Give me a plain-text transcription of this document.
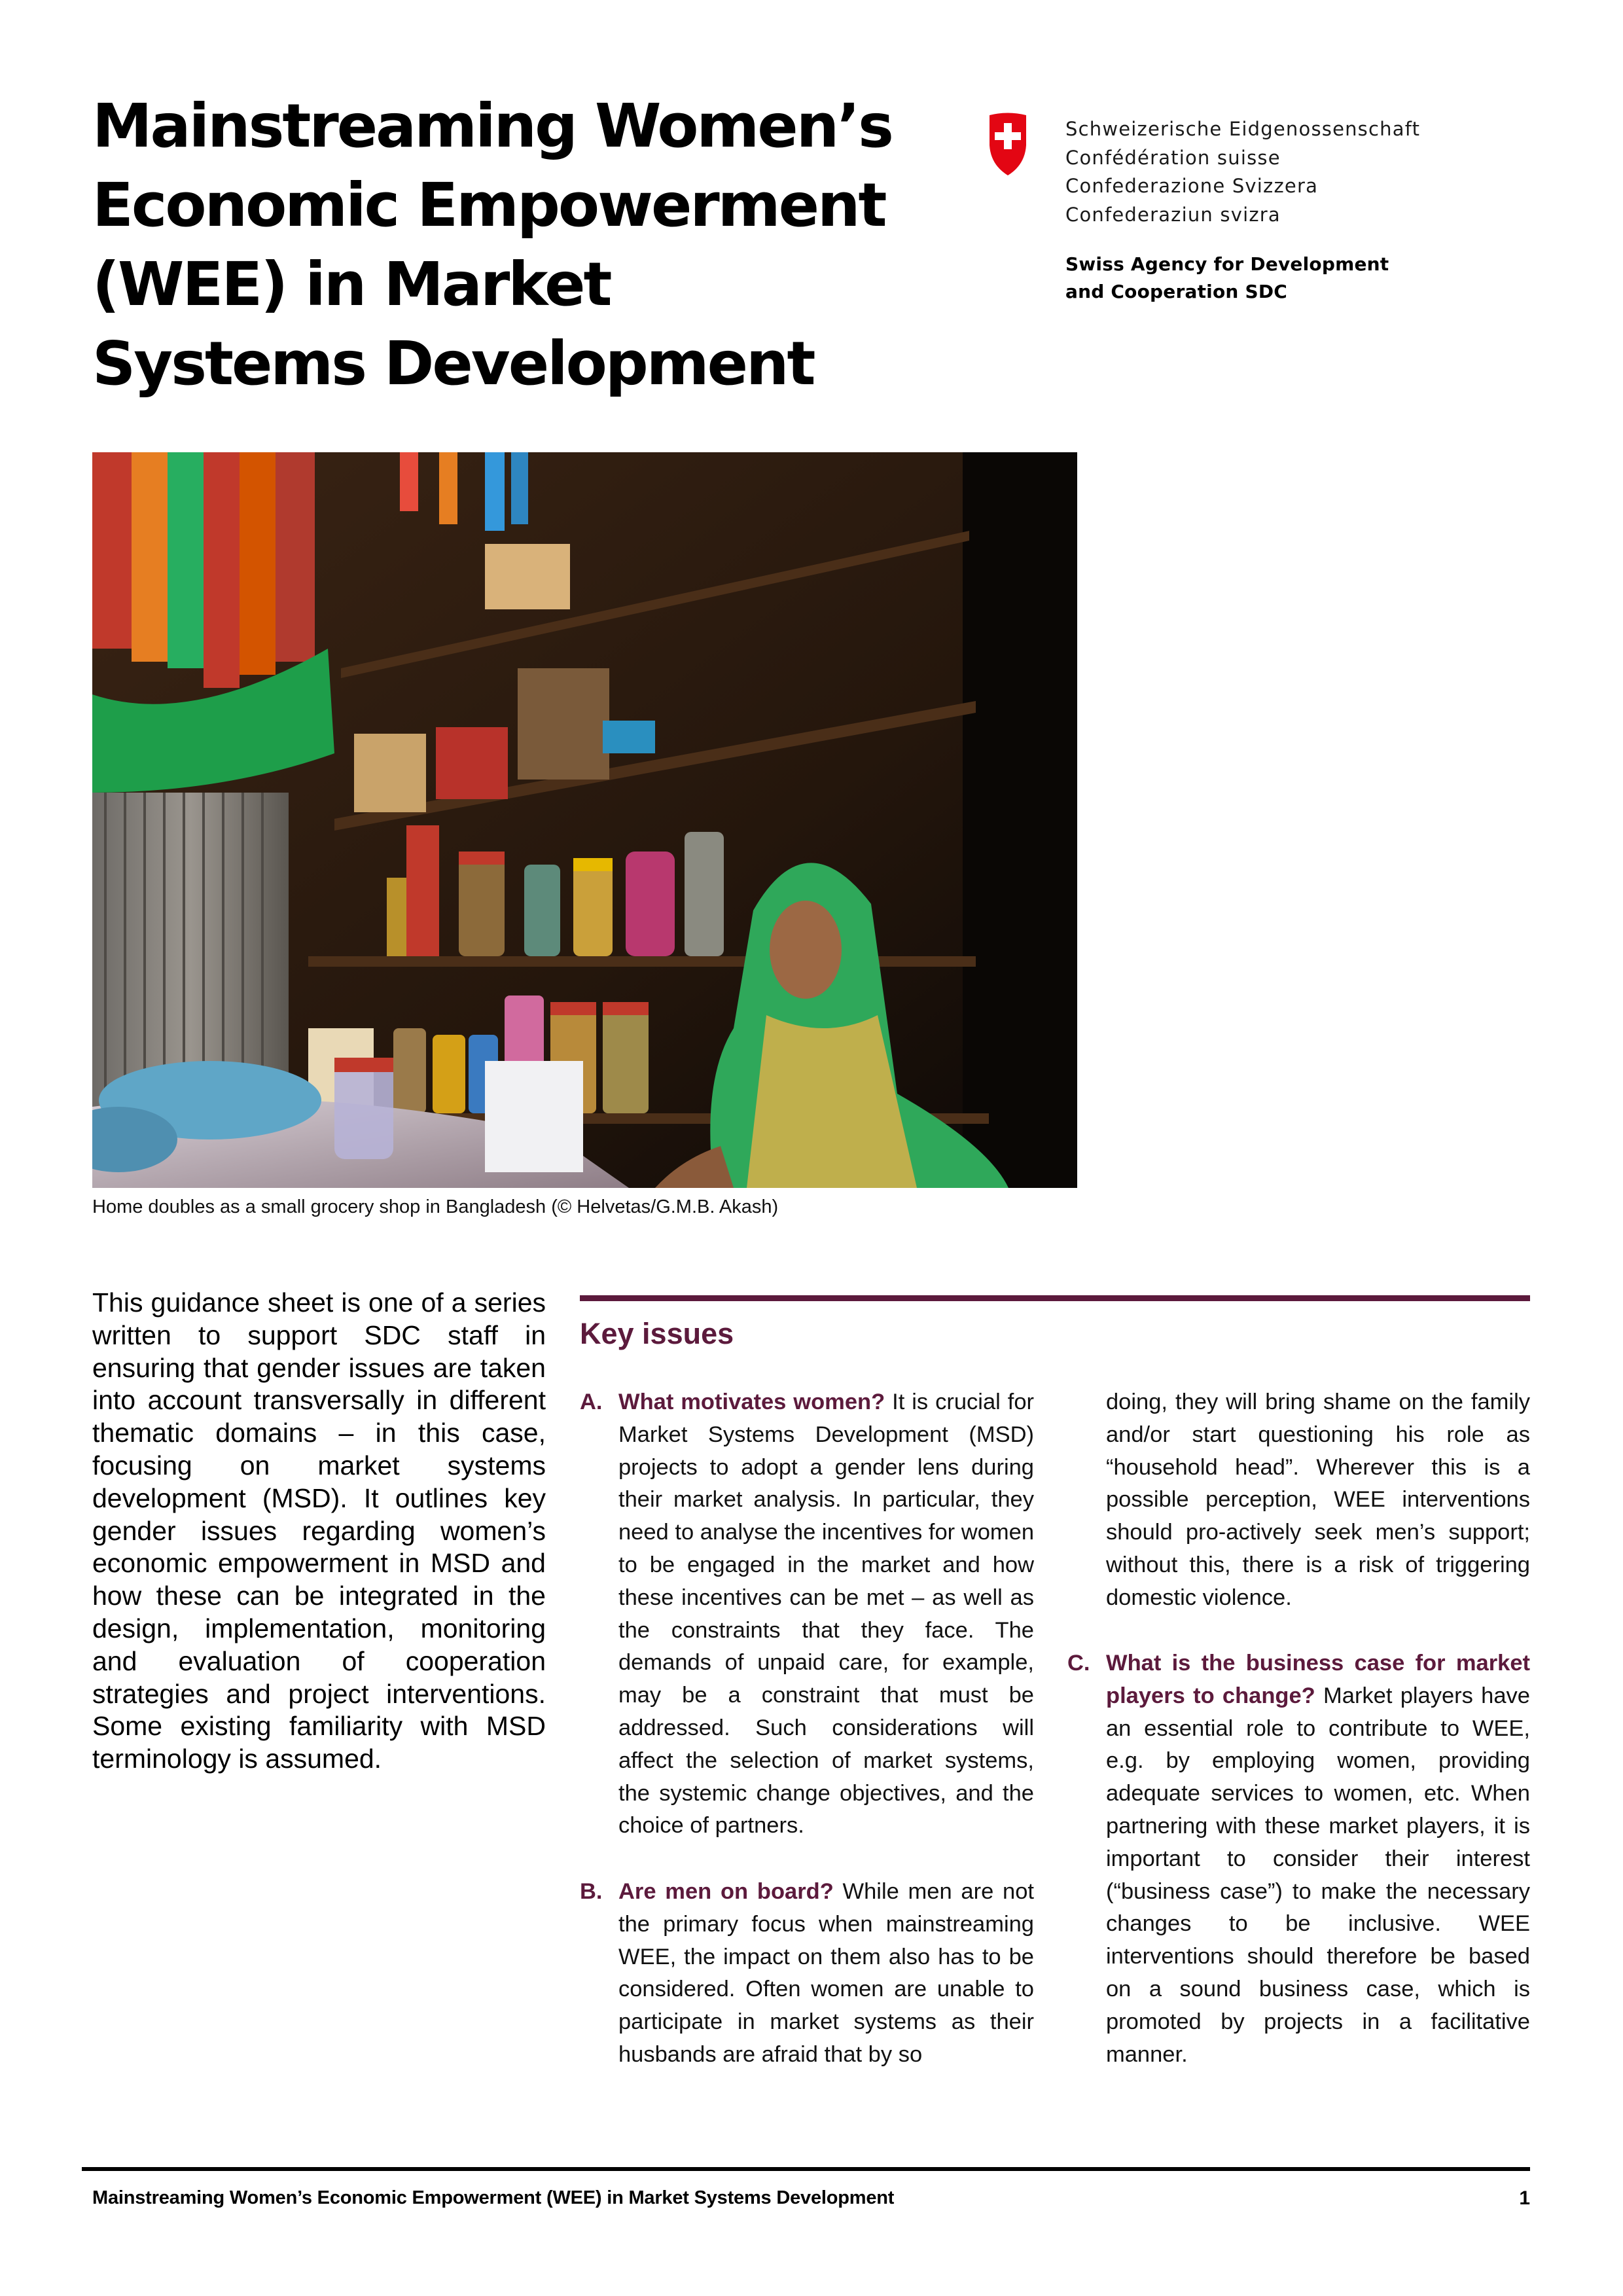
Mainstreaming Women’s
Economic Empowerment
(WEE) in Market
Systems Development
Schweizerische Eidgenossenschaft
Confédération suisse
Confederazione Svizzera
Confederaziun svizra
Swiss Agency for Development
and Cooperation SDC
Home doubles as a small grocery shop in Bangladesh (© Helvetas/G.M.B. Akash)

This guidance sheet is one of a series written to support SDC staff in ensuring that gender issues are taken into account transversally in different thematic domains – in this case, focusing on market systems development (MSD). It outlines key gender issues regarding women’s economic empowerment in MSD and how these can be integrated in the design, implementation, monitoring and evaluation of cooperation strategies and project interventions. Some existing familiarity with MSD terminology is assumed.

Key issues
A. What motivates women? It is crucial for Market Systems Development (MSD) projects to adopt a gender lens during their market analysis. In particular, they need to analyse the incentives for women to be engaged in the market and how these incentives can be met – as well as the constraints that they face. The demands of unpaid care, for example, may be a constraint that must be addressed. Such considerations will affect the selection of market systems, the systemic change objectives, and the choice of partners.
B. Are men on board? While men are not the primary focus when mainstreaming WEE, the impact on them also has to be considered. Often women are unable to participate in market systems as their husbands are afraid that by so
doing, they will bring shame on the family and/or start questioning his role as “household head”. Wherever this is a possible perception, WEE interventions should pro-actively seek men’s support; without this, there is a risk of triggering domestic violence.
C. What is the business case for market players to change? Market players have an essential role to contribute to WEE, e.g. by employing women, providing adequate services to women, etc. When partnering with these market players, it is important to consider their interest (“business case”) to make the necessary changes to be inclusive. WEE interventions should therefore be based on a sound business case, which is promoted by projects in a facilitative manner.
Mainstreaming Women’s Economic Empowerment (WEE) in Market Systems Development	1
